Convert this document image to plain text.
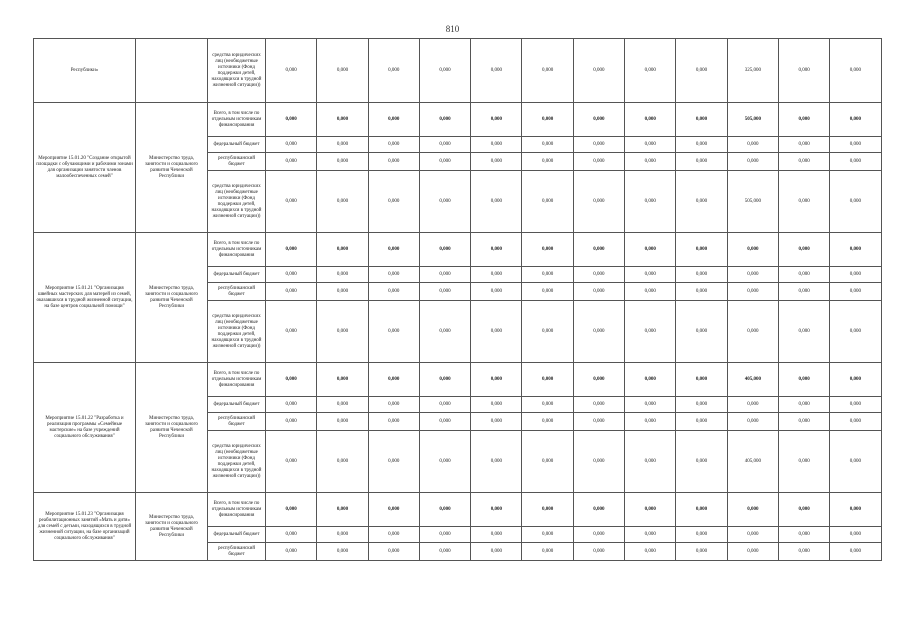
810
Республики»		средства юридических лиц (необюджетные источники (Фонд поддержки детей, находящихся в трудной жизненной ситуации))	0,000	0,000	0,000	0,000	0,000	0,000	0,000	0,000	0,000	325,000	0,000	0,000
Мероприятие 15.01.20 "Создание открытой площадки с обучающими и рабочими зонами для организации занятости членов малообеспеченных семей"	Министерство труда, занятости и социального развития Чеченской Республики	Всего, в том числе по отдельным источникам финансирования	0,000	0,000	0,000	0,000	0,000	0,000	0,000	0,000	0,000	505,000	0,000	0,000
		федеральный бюджет	0,000	0,000	0,000	0,000	0,000	0,000	0,000	0,000	0,000	0,000	0,000	0,000
		республиканский бюджет	0,000	0,000	0,000	0,000	0,000	0,000	0,000	0,000	0,000	0,000	0,000	0,000
		средства юридических лиц (необюджетные источники (Фонд поддержки детей, находящихся в трудной жизненной ситуации))	0,000	0,000	0,000	0,000	0,000	0,000	0,000	0,000	0,000	505,000	0,000	0,000
Мероприятие 15.01.21 "Организация швейных мастерских для матерей из семей, оказавшихся в трудной жизненной ситуации, на базе центров социальной помощи"	Министерство труда, занятости и социального развития Чеченской Республики	Всего, в том числе по отдельным источникам финансирования	0,000	0,000	0,000	0,000	0,000	0,000	0,000	0,000	0,000	0,000	0,000	0,000
		федеральный бюджет	0,000	0,000	0,000	0,000	0,000	0,000	0,000	0,000	0,000	0,000	0,000	0,000
		республиканский бюджет	0,000	0,000	0,000	0,000	0,000	0,000	0,000	0,000	0,000	0,000	0,000	0,000
		средства юридических лиц (необюджетные источники (Фонд поддержки детей, находящихся в трудной жизненной ситуации))	0,000	0,000	0,000	0,000	0,000	0,000	0,000	0,000	0,000	0,000	0,000	0,000
Мероприятие 15.01.22 "Разработка и реализация программы «Семейные мастерские» на базе учреждений социального обслуживания"	Министерство труда, занятости и социального развития Чеченской Республики	Всего, в том числе по отдельным источникам финансирования	0,000	0,000	0,000	0,000	0,000	0,000	0,000	0,000	0,000	405,000	0,000	0,000
		федеральный бюджет	0,000	0,000	0,000	0,000	0,000	0,000	0,000	0,000	0,000	0,000	0,000	0,000
		республиканский бюджет	0,000	0,000	0,000	0,000	0,000	0,000	0,000	0,000	0,000	0,000	0,000	0,000
		средства юридических лиц (необюджетные источники (Фонд поддержки детей, находящихся в трудной жизненной ситуации))	0,000	0,000	0,000	0,000	0,000	0,000	0,000	0,000	0,000	405,000	0,000	0,000
Мероприятие 15.01.23 "Организация реабилитационных занятий «Мать и дитя» для семей с детьми, находящихся в трудной жизненной ситуации, на базе организаций социального обслуживания"	Министерство труда, занятости и социального развития Чеченской Республики	Всего, в том числе по отдельным источникам финансирования	0,000	0,000	0,000	0,000	0,000	0,000	0,000	0,000	0,000	0,000	0,000	0,000
		федеральный бюджет	0,000	0,000	0,000	0,000	0,000	0,000	0,000	0,000	0,000	0,000	0,000	0,000
		республиканский бюджет	0,000	0,000	0,000	0,000	0,000	0,000	0,000	0,000	0,000	0,000	0,000	0,000
